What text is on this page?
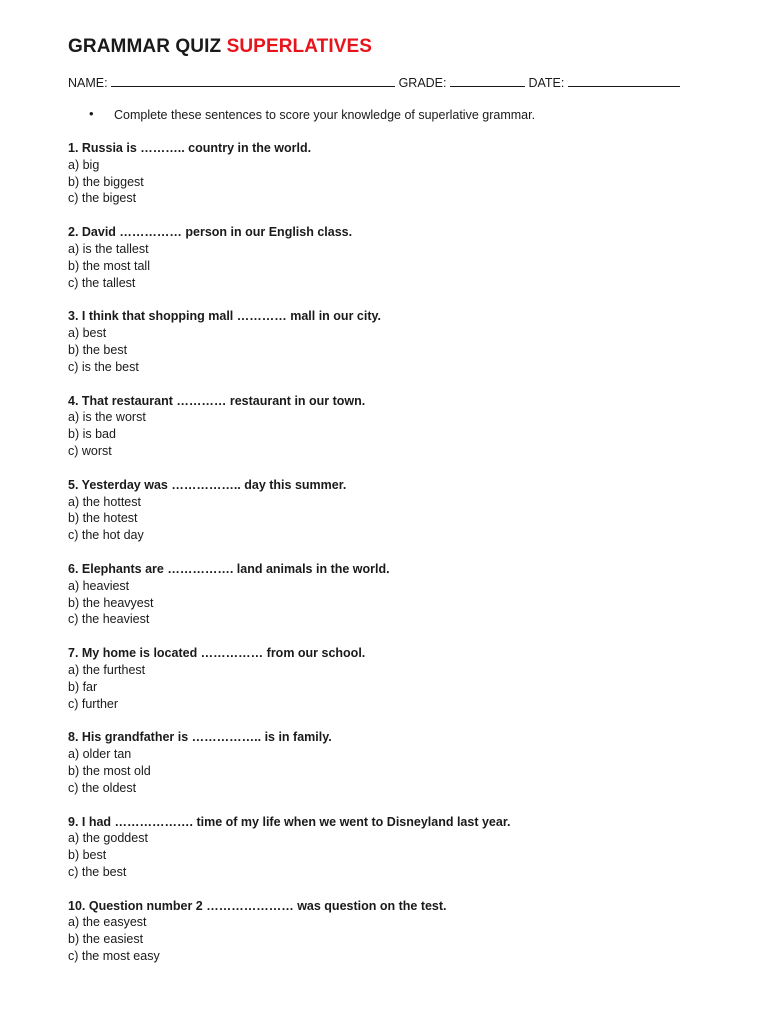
GRAMMAR QUIZ SUPERLATIVES
NAME:	GRADE:	DATE:
• Complete these sentences to score your knowledge of superlative grammar.
1. Russia is ……….. country in the world.
a) big
b) the biggest
c) the bigest
2. David …………… person in our English class.
a) is the tallest
b) the most tall
c) the tallest
3. I think that shopping mall ………… mall in our city.
a) best
b) the best
c) is the best
4. That restaurant ………… restaurant in our town.
a) is the worst
b) is bad
c) worst
5. Yesterday was …………….. day this summer.
a) the hottest
b) the hotest
c) the hot day
6. Elephants are ……………. land animals in the world.
a) heaviest
b) the heavyest
c) the heaviest
7. My home is located …………… from our school.
a) the furthest
b) far
c) further
8. His grandfather is …………….. is in family.
a) older tan
b) the most old
c) the oldest
9. I had ………………. time of my life when we went to Disneyland last year.
a) the goddest
b) best
c) the best
10. Question number 2 ………………… was question on the test.
a) the easyest
b) the easiest
c) the most easy
